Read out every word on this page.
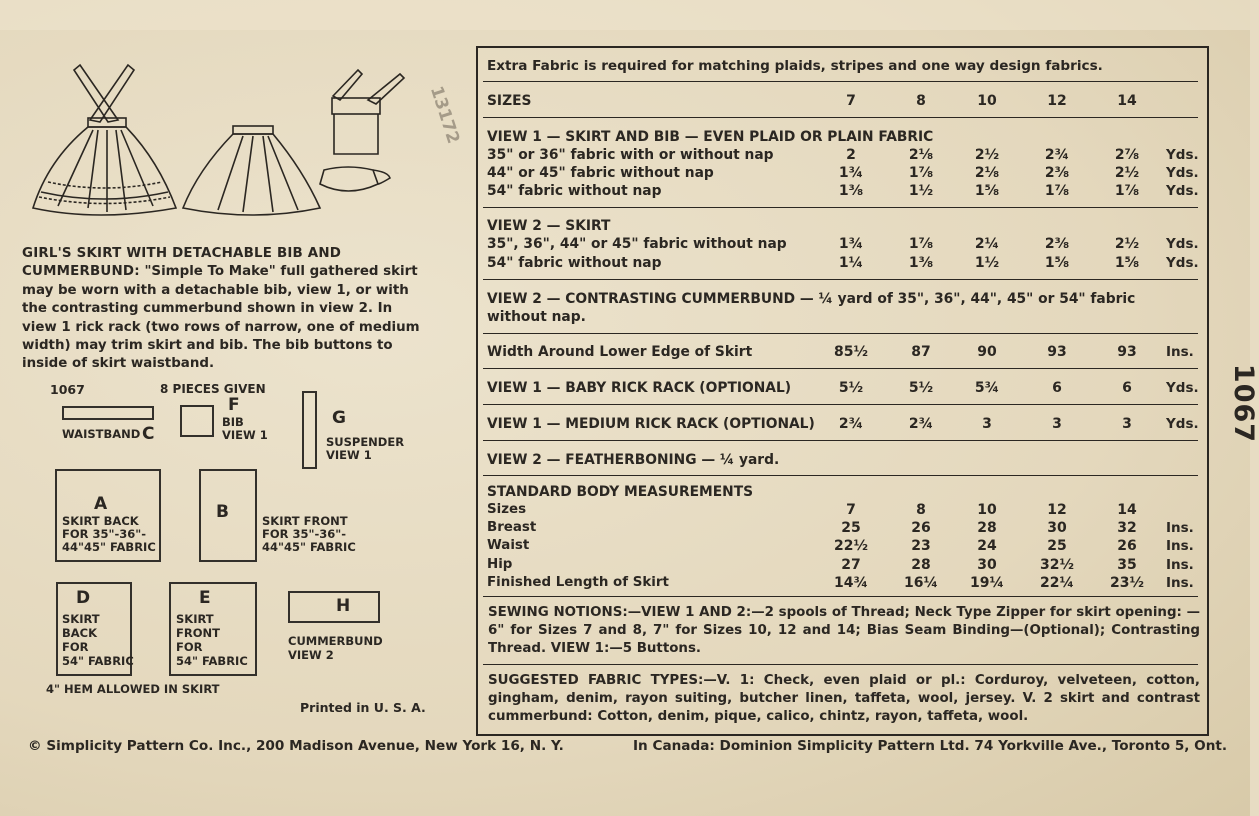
13172
GIRL'S SKIRT WITH DETACHABLE BIB AND CUMMERBUND: "Simple To Make" full gathered skirt may be worn with a detachable bib, view 1, or with the contrasting cummerbund shown in view 2. In view 1 rick rack (two rows of narrow, one of medium width) may trim skirt and bib. The bib buttons to inside of skirt waistband.
1067	8 PIECES GIVEN
WAISTBAND C
F
BIB
VIEW 1
G
SUSPENDER
VIEW 1
A
SKIRT BACK
FOR 35"-36"-
44"45" FABRIC
B	SKIRT FRONT
FOR 35"-36"-
44"45" FABRIC
D
SKIRT
BACK
FOR
54" FABRIC
E
SKIRT
FRONT
FOR
54" FABRIC
H
CUMMERBUND
VIEW 2
4" HEM ALLOWED IN SKIRT
Printed in U. S. A.
Extra Fabric is required for matching plaids, stripes and one way design fabrics.
SIZES	7	8	10	12	14
VIEW 1 — SKIRT AND BIB — EVEN PLAID OR PLAIN FABRIC
35" or 36" fabric with or without nap	2	2⅛	2½	2¾	2⅞	Yds.
44" or 45" fabric without nap	1¾	1⅞	2⅛	2⅜	2½	Yds.
54" fabric without nap	1⅜	1½	1⅝	1⅞	1⅞	Yds.
VIEW 2 — SKIRT
35", 36", 44" or 45" fabric without nap	1¾	1⅞	2¼	2⅜	2½	Yds.
54" fabric without nap	1¼	1⅜	1½	1⅝	1⅝	Yds.
VIEW 2 — CONTRASTING CUMMERBUND — ¼ yard of 35", 36", 44", 45" or 54" fabric
without nap.
Width Around Lower Edge of Skirt	85½	87	90	93	93	Ins.
VIEW 1 — BABY RICK RACK (OPTIONAL)	5½	5½	5¾	6	6	Yds.
VIEW 1 — MEDIUM RICK RACK (OPTIONAL)	2¾	2¾	3	3	3	Yds.
VIEW 2 — FEATHERBONING — ¼ yard.
STANDARD BODY MEASUREMENTS
Sizes	7	8	10	12	14
Breast	25	26	28	30	32	Ins.
Waist	22½	23	24	25	26	Ins.
Hip	27	28	30	32½	35	Ins.
Finished Length of Skirt	14¾	16¼	19¼	22¼	23½	Ins.
SEWING NOTIONS:—VIEW 1 AND 2:—2 spools of Thread; Neck Type Zipper for skirt opening: —6" for Sizes 7 and 8, 7" for Sizes 10, 12 and 14; Bias Seam Binding—(Optional); Contrasting Thread. VIEW 1:—5 Buttons.
SUGGESTED FABRIC TYPES:—V. 1: Check, even plaid or pl.: Corduroy, velveteen, cotton, gingham, denim, rayon suiting, butcher linen, taffeta, wool, jersey. V. 2 skirt and contrast cummerbund: Cotton, denim, pique, calico, chintz, rayon, taffeta, wool.
1067
© Simplicity Pattern Co. Inc., 200 Madison Avenue, New York 16, N. Y.	In Canada: Dominion Simplicity Pattern Ltd. 74 Yorkville Ave., Toronto 5, Ont.
